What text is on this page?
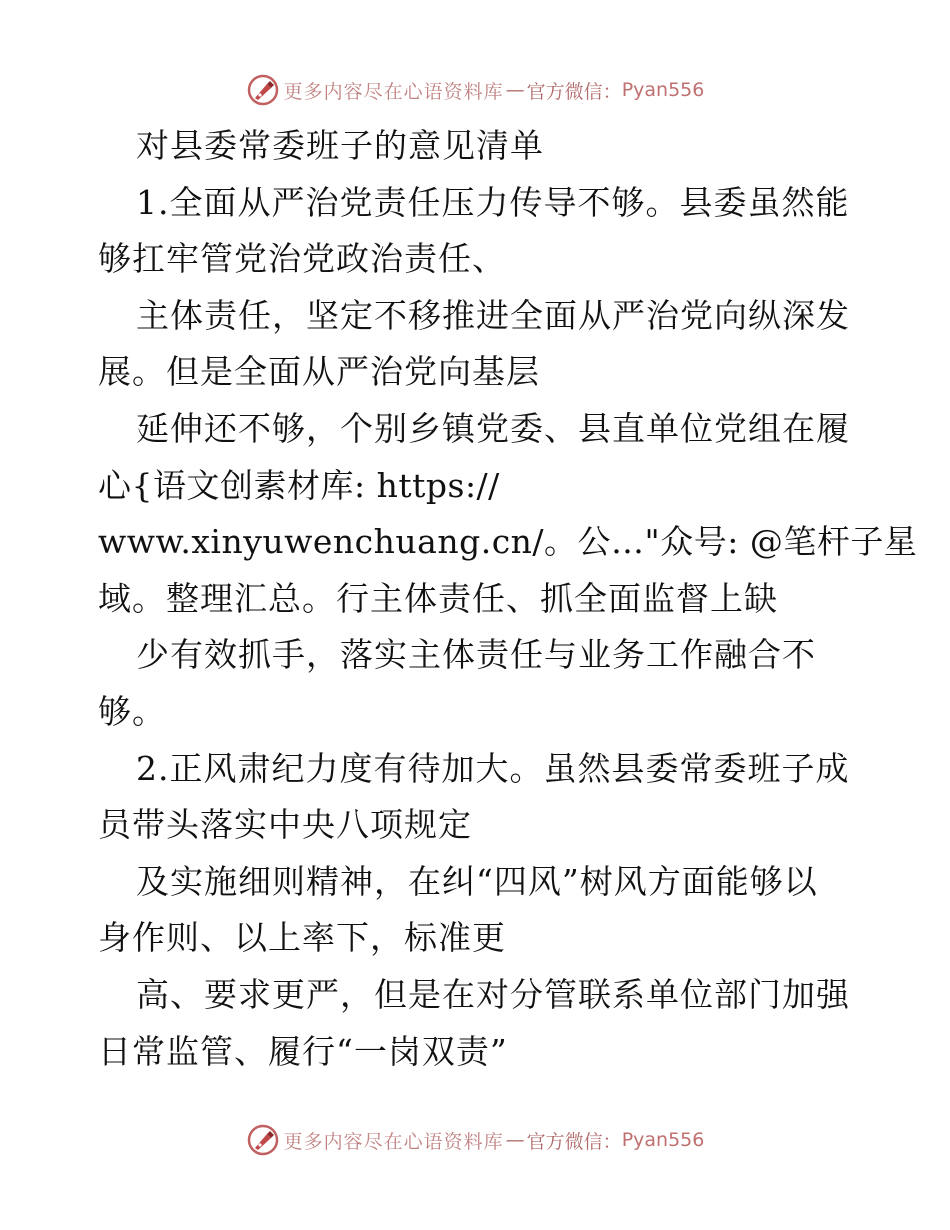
更多内容尽在心语资料库 — 官方微信： Pyan556
对县委常委班子的意见清单
1.全面从严治党责任压力传导不够。县委虽然能
够扛牢管党治党政治责任、
主体责任，坚定不移推进全面从严治党向纵深发
展。但是全面从严治党向基层
延伸还不够，个别乡镇党委、县直单位党组在履
心{语文创素材库: https://
www.xinyuwenchuang.cn/。公…"众号: @笔杆子星
域。整理汇总。行主体责任、抓全面监督上缺
少有效抓手，落实主体责任与业务工作融合不
够。
2.正风肃纪力度有待加大。虽然县委常委班子成
员带头落实中央八项规定
及实施细则精神，在纠“四风”树风方面能够以
身作则、以上率下，标准更
高、要求更严，但是在对分管联系单位部门加强
日常监管、履行“一岗双责”
更多内容尽在心语资料库 — 官方微信： Pyan556
